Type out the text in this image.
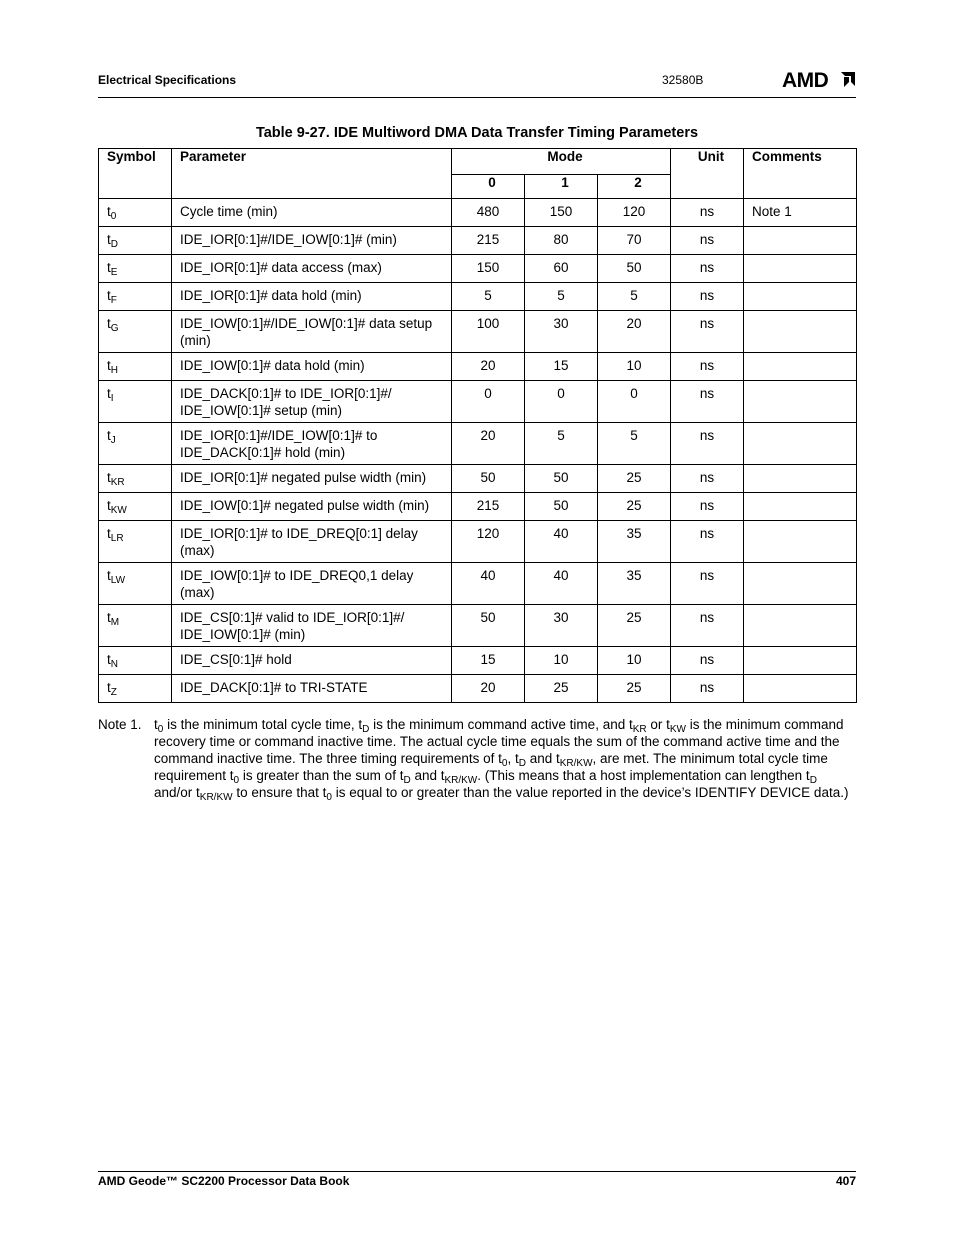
Electrical Specifications	32580B	AMD
Table 9-27. IDE Multiword DMA Data Transfer Timing Parameters
Symbol	Parameter	Mode			Unit	Comments
		0	1	2		
$t_0$	Cycle time (min)	480	150	120	ns	Note 1
$t_D$	IDE_IOR[0:1]#/IDE_IOW[0:1]# (min)	215	80	70	ns	
$t_E$	IDE_IOR[0:1]# data access (max)	150	60	50	ns	
$t_F$	IDE_IOR[0:1]# data hold (min)	5	5	5	ns	
$t_G$	IDE_IOW[0:1]#/IDE_IOW[0:1]# data setup (min)	100	30	20	ns	
$t_H$	IDE_IOW[0:1]# data hold (min)	20	15	10	ns	
$t_I$	IDE_DACK[0:1]# to IDE_IOR[0:1]#/ IDE_IOW[0:1]# setup (min)	0	0	0	ns	
$t_J$	IDE_IOR[0:1]#/IDE_IOW[0:1]# to IDE_DACK[0:1]# hold (min)	20	5	5	ns	
$t_{KR}$	IDE_IOR[0:1]# negated pulse width (min)	50	50	25	ns	
$t_{KW}$	IDE_IOW[0:1]# negated pulse width (min)	215	50	25	ns	
$t_{LR}$	IDE_IOR[0:1]# to IDE_DREQ[0:1] delay (max)	120	40	35	ns	
$t_{LW}$	IDE_IOW[0:1]# to IDE_DREQ0,1 delay (max)	40	40	35	ns	
$t_M$	IDE_CS[0:1]# valid to IDE_IOR[0:1]#/ IDE_IOW[0:1]# (min)	50	30	25	ns	
$t_N$	IDE_CS[0:1]# hold	15	10	10	ns	
$t_Z$	IDE_DACK[0:1]# to TRI-STATE	20	25	25	ns	
Note 1. $t_0$ is the minimum total cycle time, $t_D$ is the minimum command active time, and $t_{KR}$ or $t_{KW}$ is the minimum command recovery time or command inactive time. The actual cycle time equals the sum of the command active time and the command inactive time. The three timing requirements of $t_0$, $t_D$ and $t_{KR/KW}$, are met. The minimum total cycle time requirement $t_0$ is greater than the sum of $t_D$ and $t_{KR/KW}$. (This means that a host implementation can lengthen $t_D$ and/or $t_{KR/KW}$ to ensure that $t_0$ is equal to or greater than the value reported in the device’s IDENTIFY DEVICE data.)
AMD Geode™ SC2200 Processor Data Book	407
